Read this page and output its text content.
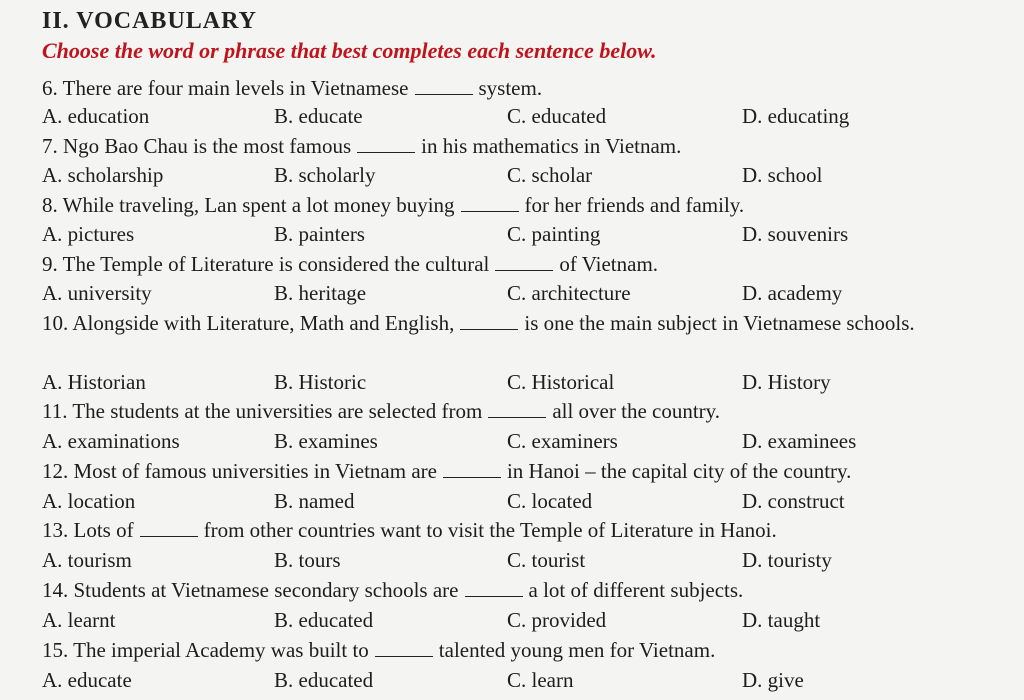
II. VOCABULARY
Choose the word or phrase that best completes each sentence below.
6. There are four main levels in Vietnamese	system.
A. education	B. educate	C. educated	D. educating
7. Ngo Bao Chau is the most famous	in his mathematics in Vietnam.
A. scholarship	B. scholarly	C. scholar	D. school
8. While traveling, Lan spent a lot money buying	for her friends and family.
A. pictures	B. painters	C. painting	D. souvenirs
9. The Temple of Literature is considered the cultural	of Vietnam.
A. university	B. heritage	C. architecture	D. academy
10. Alongside with Literature, Math and English,	is one the main subject in Vietnamese schools.
A. Historian	B. Historic	C. Historical	D. History
11. The students at the universities are selected from	all over the country.
A. examinations	B. examines	C. examiners	D. examinees
12. Most of famous universities in Vietnam are	in Hanoi – the capital city of the country.
A. location	B. named	C. located	D. construct
13. Lots of	from other countries want to visit the Temple of Literature in Hanoi.
A. tourism	B. tours	C. tourist	D. touristy
14. Students at Vietnamese secondary schools are	a lot of different subjects.
A. learnt	B. educated	C. provided	D. taught
15. The imperial Academy was built to	talented young men for Vietnam.
A. educate	B. educated	C. learn	D. give
